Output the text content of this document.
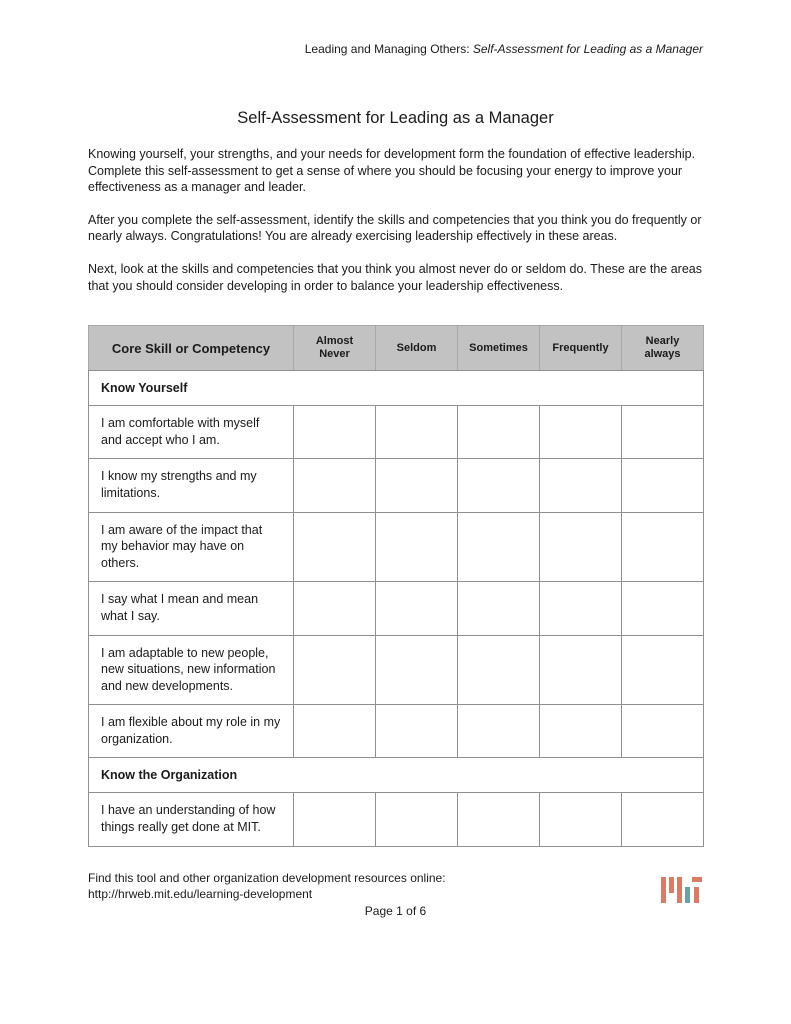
Leading and Managing Others: Self-Assessment for Leading as a Manager
Self-Assessment for Leading as a Manager

Knowing yourself, your strengths, and your needs for development form the foundation of effective leadership. Complete this self-assessment to get a sense of where you should be focusing your energy to improve your effectiveness as a manager and leader.

After you complete the self-assessment, identify the skills and competencies that you think you do frequently or nearly always. Congratulations! You are already exercising leadership effectively in these areas.

Next, look at the skills and competencies that you think you almost never do or seldom do. These are the areas that you should consider developing in order to balance your leadership effectiveness.

Core Skill or Competency	Almost Never	Seldom	Sometimes	Frequently	Nearly always
Know Yourself					
I am comfortable with myself and accept who I am.					
I know my strengths and my limitations.					
I am aware of the impact that my behavior may have on others.					
I say what I mean and mean what I say.					
I am adaptable to new people, new situations, new information and new developments.					
I am flexible about my role in my organization.					
Know the Organization					
I have an understanding of how things really get done at MIT.					
Find this tool and other organization development resources online:
http://hrweb.mit.edu/learning-development
Page 1 of 6
